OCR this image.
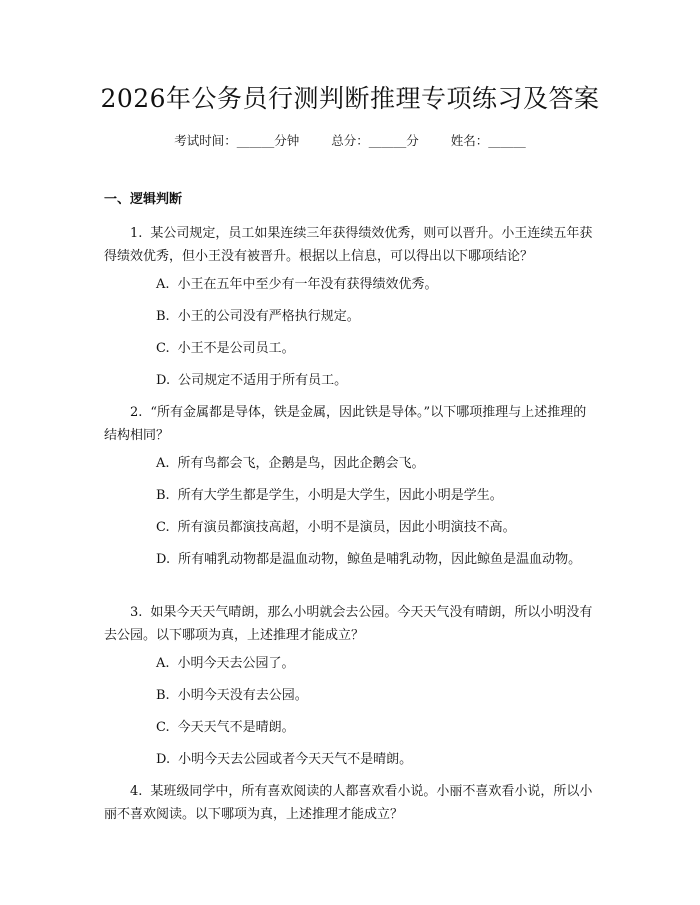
2026年公务员行测判断推理专项练习及答案
考试时间：______分钟	总分：______分	姓名：______
一、逻辑判断
1. 某公司规定，员工如果连续三年获得绩效优秀，则可以晋升。小王连续五年获得绩效优秀，但小王没有被晋升。根据以上信息，可以得出以下哪项结论？
A. 小王在五年中至少有一年没有获得绩效优秀。
B. 小王的公司没有严格执行规定。
C. 小王不是公司员工。
D. 公司规定不适用于所有员工。
2. “所有金属都是导体，铁是金属，因此铁是导体。”以下哪项推理与上述推理的结构相同？
A. 所有鸟都会飞，企鹅是鸟，因此企鹅会飞。
B. 所有大学生都是学生，小明是大学生，因此小明是学生。
C. 所有演员都演技高超，小明不是演员，因此小明演技不高。
D. 所有哺乳动物都是温血动物，鲸鱼是哺乳动物，因此鲸鱼是温血动物。
3. 如果今天天气晴朗，那么小明就会去公园。今天天气没有晴朗，所以小明没有去公园。以下哪项为真，上述推理才能成立？
A. 小明今天去公园了。
B. 小明今天没有去公园。
C. 今天天气不是晴朗。
D. 小明今天去公园或者今天天气不是晴朗。
4. 某班级同学中，所有喜欢阅读的人都喜欢看小说。小丽不喜欢看小说，所以小丽不喜欢阅读。以下哪项为真，上述推理才能成立？
